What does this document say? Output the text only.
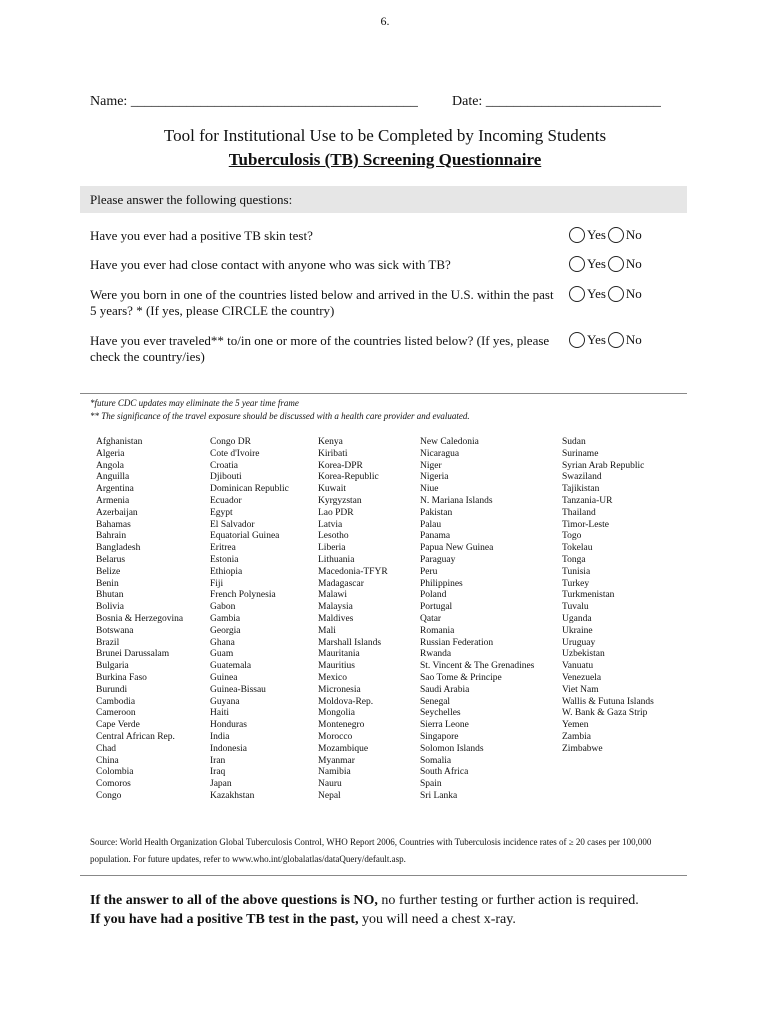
6.
Name: _________________________________________ Date: _________________________
Tool for Institutional Use to be Completed by Incoming Students
Tuberculosis (TB) Screening Questionnaire
Please answer the following questions:
Have you ever had a positive TB skin test?	Yes No
Have you ever had close contact with anyone who was sick with TB?	Yes No
Were you born in one of the countries listed below and arrived in the U.S. within the past 5 years? * (If yes, please CIRCLE the country)
Yes No
Have you ever traveled** to/in one or more of the countries listed below? (If yes, please check the country/ies)
Yes No
*future CDC updates may eliminate the 5 year time frame
** The significance of the travel exposure should be discussed with a health care provider and evaluated.
Afghanistan
Algeria
Angola
Anguilla
Argentina
Armenia
Azerbaijan
Bahamas
Bahrain
Bangladesh
Belarus
Belize
Benin
Bhutan
Bolivia
Bosnia & Herzegovina
Botswana
Brazil
Brunei Darussalam
Bulgaria
Burkina Faso
Burundi
Cambodia
Cameroon
Cape Verde
Central African Rep.
Chad
China
Colombia
Comoros
Congo
Congo DR
Cote d'Ivoire
Croatia
Djibouti
Dominican Republic
Ecuador
Egypt
El Salvador
Equatorial Guinea
Eritrea
Estonia
Ethiopia
Fiji
French Polynesia
Gabon
Gambia
Georgia
Ghana
Guam
Guatemala
Guinea
Guinea-Bissau
Guyana
Haiti
Honduras
India
Indonesia
Iran
Iraq
Japan
Kazakhstan
Kenya
Kiribati
Korea-DPR
Korea-Republic
Kuwait
Kyrgyzstan
Lao PDR
Latvia
Lesotho
Liberia
Lithuania
Macedonia-TFYR
Madagascar
Malawi
Malaysia
Maldives
Mali
Marshall Islands
Mauritania
Mauritius
Mexico
Micronesia
Moldova-Rep.
Mongolia
Montenegro
Morocco
Mozambique
Myanmar
Namibia
Nauru
Nepal
New Caledonia
Nicaragua
Niger
Nigeria
Niue
N. Mariana Islands
Pakistan
Palau
Panama
Papua New Guinea
Paraguay
Peru
Philippines
Poland
Portugal
Qatar
Romania
Russian Federation
Rwanda
St. Vincent & The Grenadines
Sao Tome & Principe
Saudi Arabia
Senegal
Seychelles
Sierra Leone
Singapore
Solomon Islands
Somalia
South Africa
Spain
Sri Lanka
Sudan
Suriname
Syrian Arab Republic
Swaziland
Tajikistan
Tanzania-UR
Thailand
Timor-Leste
Togo
Tokelau
Tonga
Tunisia
Turkey
Turkmenistan
Tuvalu
Uganda
Ukraine
Uruguay
Uzbekistan
Vanuatu
Venezuela
Viet Nam
Wallis & Futuna Islands
W. Bank & Gaza Strip
Yemen
Zambia
Zimbabwe
Source: World Health Organization Global Tuberculosis Control, WHO Report 2006, Countries with Tuberculosis incidence rates of ≥ 20 cases per 100,000 population. For future updates, refer to www.who.int/globalatlas/dataQuery/default.asp.
If the answer to all of the above questions is NO, no further testing or further action is required.
If you have had a positive TB test in the past, you will need a chest x-ray.
